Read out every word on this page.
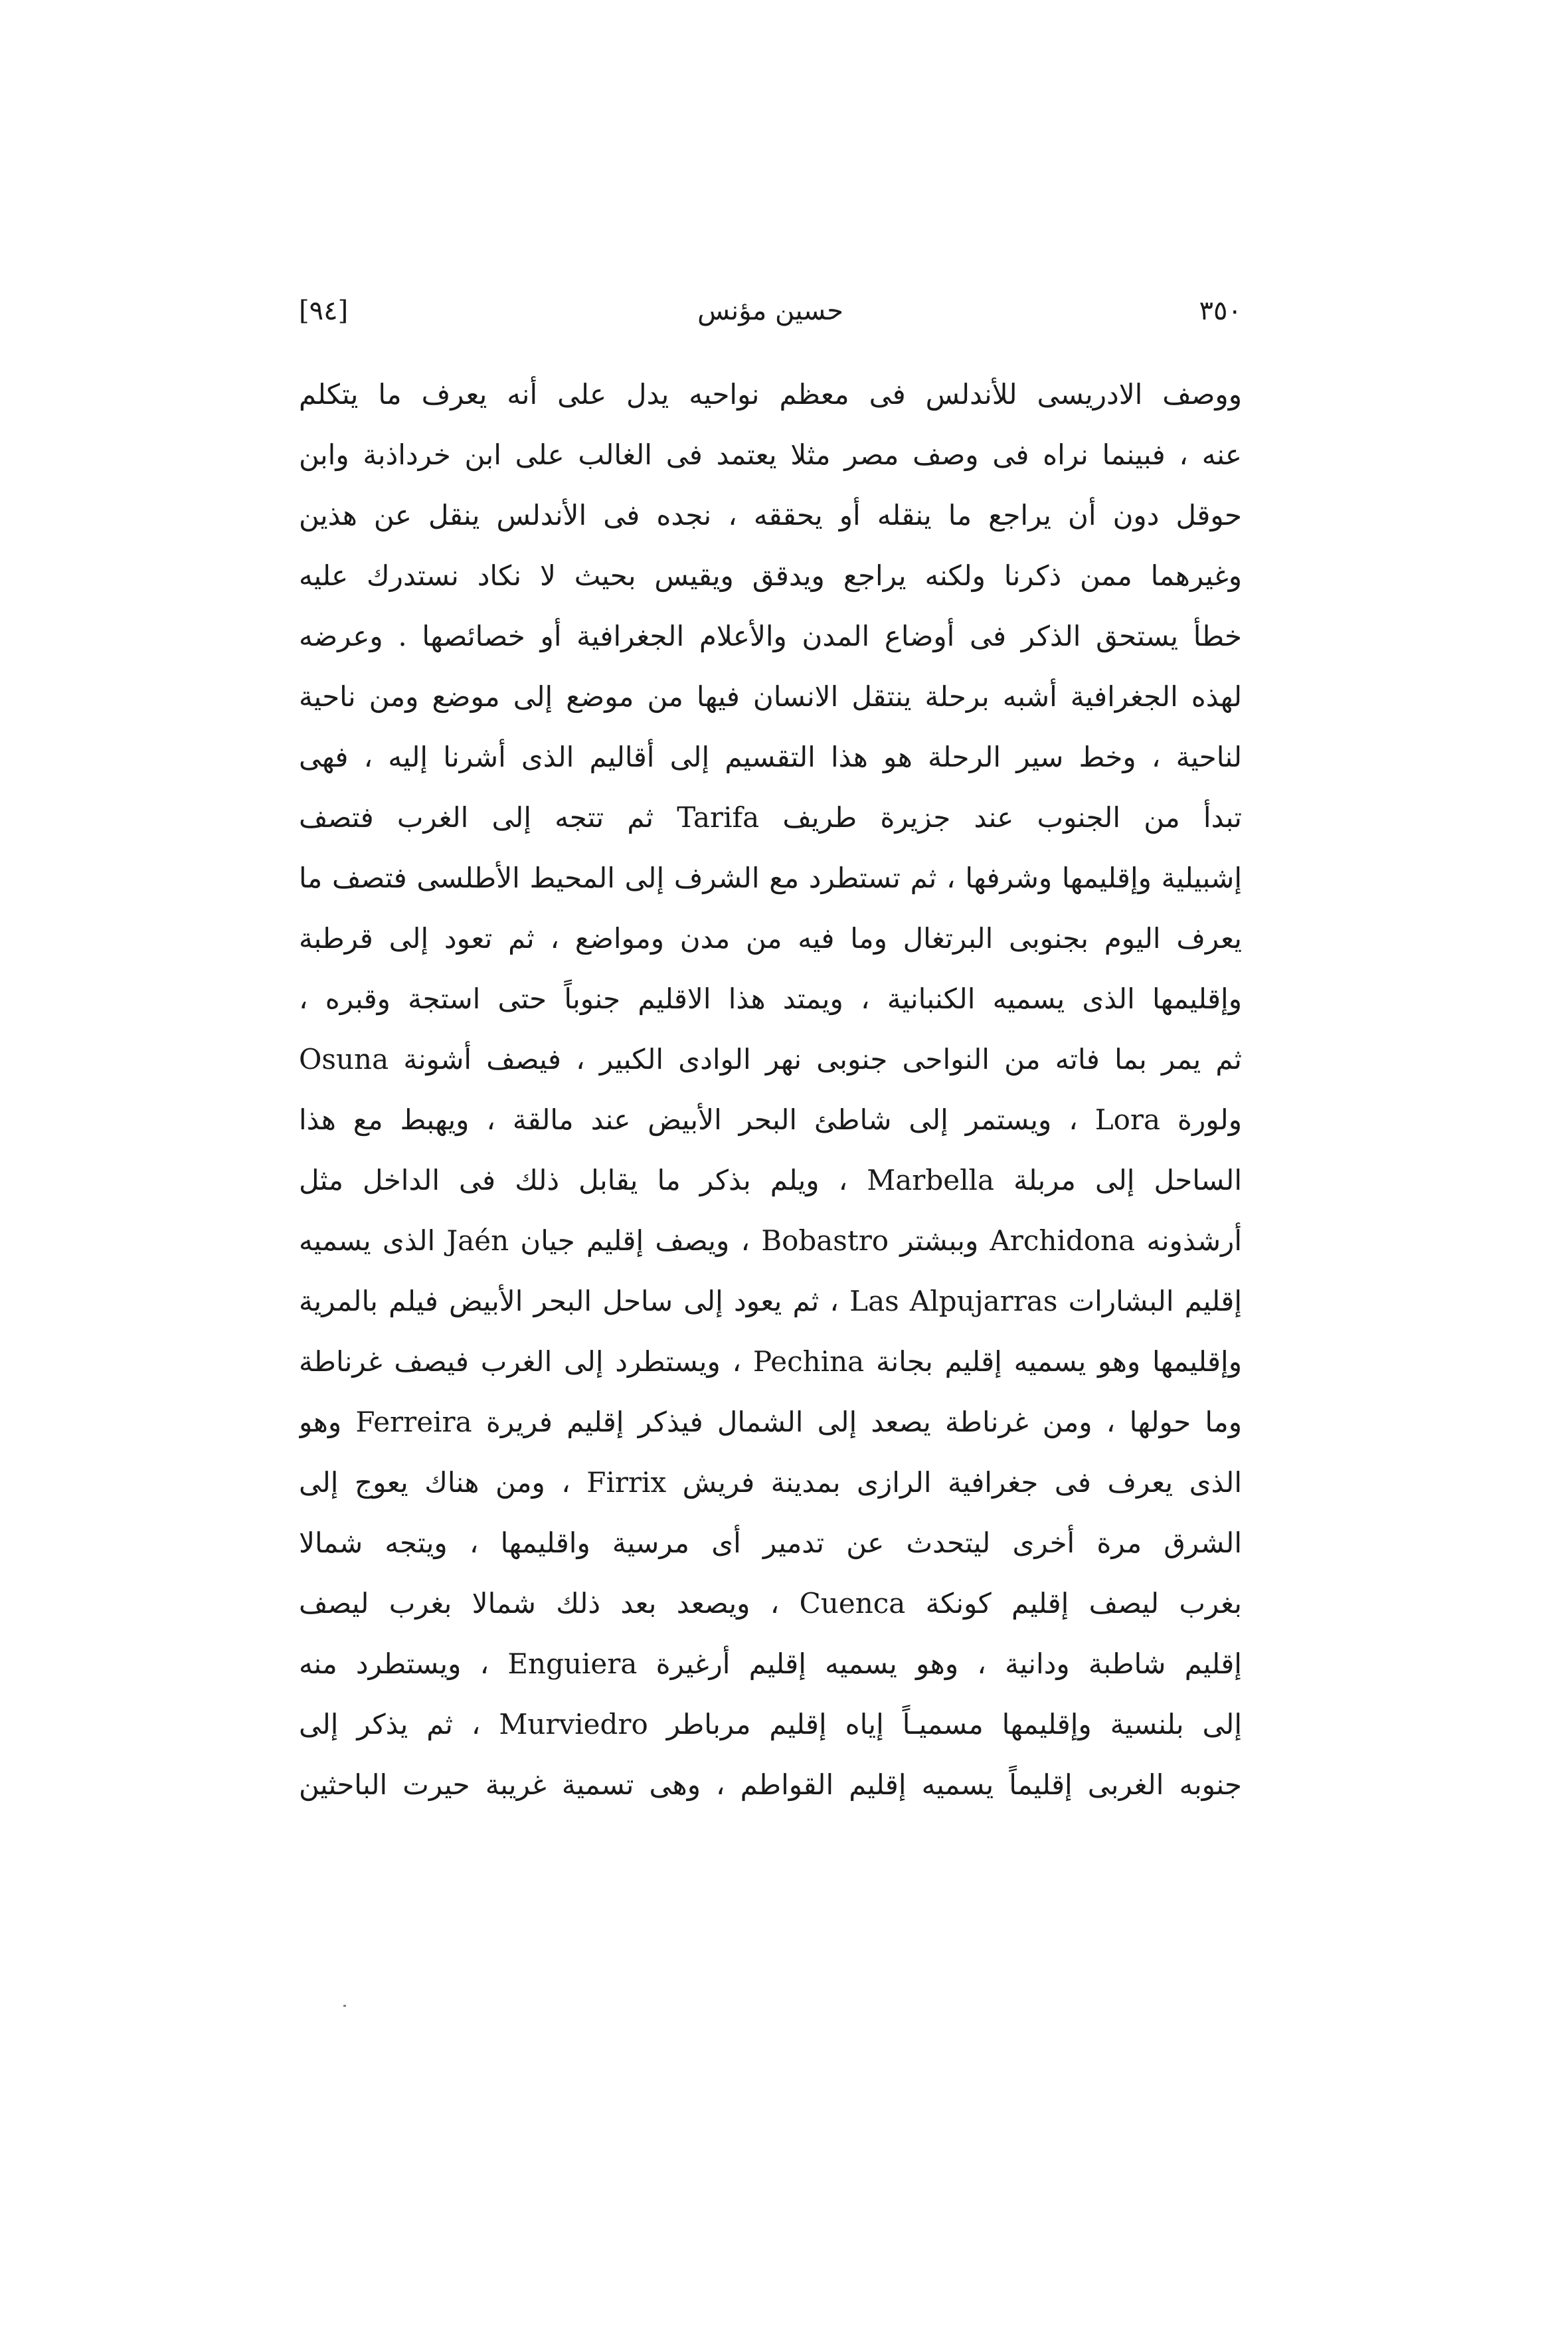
[٩٤]	حسين مؤنس	٣٥٠
ووصف الادريسى للأندلس فى معظم نواحيه يدل على أنه يعرف ما يتكلم
عنه ، فبينما نراه فى وصف مصر مثلا يعتمد فى الغالب على ابن خرداذبة وابن
حوقل دون أن يراجع ما ينقله أو يحققه ، نجده فى الأندلس ينقل عن هذين
وغيرهما ممن ذكرنا ولكنه يراجع ويدقق ويقيس بحيث لا نكاد نستدرك عليه
خطأ يستحق الذكر فى أوضاع المدن والأعلام الجغرافية أو خصائصها . وعرضه
لهذه الجغرافية أشبه برحلة ينتقل الانسان فيها من موضع إلى موضع ومن ناحية
لناحية ، وخط سير الرحلة هو هذا التقسيم إلى أقاليم الذى أشرنا إليه ، فهى
تبدأ من الجنوب عند جزيرة طريف Tarifa ثم تتجه إلى الغرب فتصف
إشبيلية وإقليمها وشرفها ، ثم تستطرد مع الشرف إلى المحيط الأطلسى فتصف ما
يعرف اليوم بجنوبى البرتغال وما فيه من مدن ومواضع ، ثم تعود إلى قرطبة
وإقليمها الذى يسميه الكنبانية ، ويمتد هذا الاقليم جنوباً حتى استجة وقبره ،
ثم يمر بما فاته من النواحى جنوبى نهر الوادى الكبير ، فيصف أشونة Osuna
ولورة Lora ، ويستمر إلى شاطئ البحر الأبيض عند مالقة ، ويهبط مع هذا
الساحل إلى مربلة Marbella ، ويلم بذكر ما يقابل ذلك فى الداخل مثل
أرشذونه Archidona وببشتر Bobastro ، ويصف إقليم جيان Jaén الذى يسميه
إقليم البشارات Las Alpujarras ، ثم يعود إلى ساحل البحر الأبيض فيلم بالمرية
وإقليمها وهو يسميه إقليم بجانة Pechina ، ويستطرد إلى الغرب فيصف غرناطة
وما حولها ، ومن غرناطة يصعد إلى الشمال فيذكر إقليم فريرة Ferreira وهو
الذى يعرف فى جغرافية الرازى بمدينة فريش Firrix ، ومن هناك يعوج إلى
الشرق مرة أخرى ليتحدث عن تدمير أى مرسية واقليمها ، ويتجه شمالا
بغرب ليصف إقليم كونكة Cuenca ، ويصعد بعد ذلك شمالا بغرب ليصف
إقليم شاطبة ودانية ، وهو يسميه إقليم أرغيرة Enguiera ، ويستطرد منه
إلى بلنسية وإقليمها مسميـاً إياه إقليم مرباطر Murviedro ، ثم يذكر إلى
جنوبه الغربى إقليماً يسميه إقليم القواطم ، وهى تسمية غريبة حيرت الباحثين
